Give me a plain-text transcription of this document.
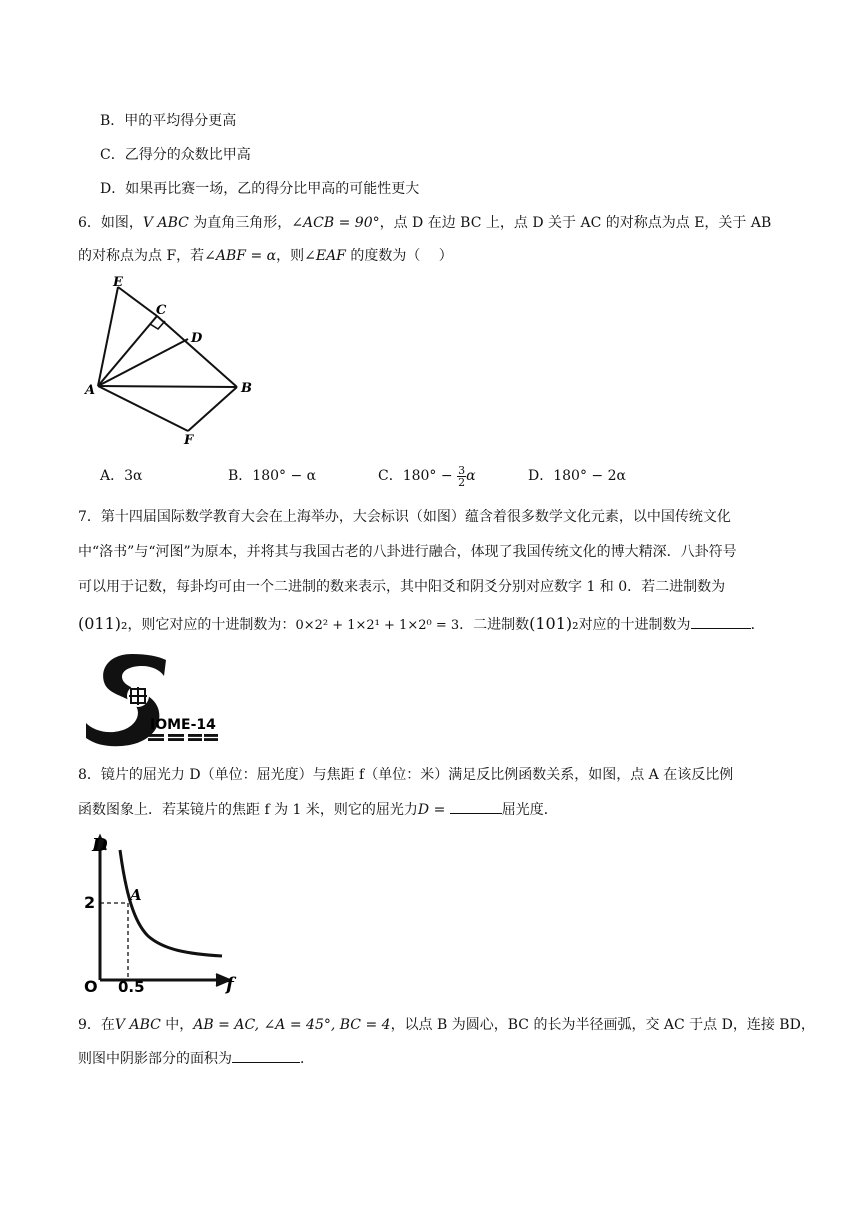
B．甲的平均得分更高
C．乙得分的众数比甲高
D．如果再比赛一场，乙的得分比甲高的可能性更大
6．如图，V ABC 为直角三角形，∠ACB = 90°，点 D 在边 BC 上，点 D 关于 AC 的对称点为点 E，关于 AB
的对称点为点 F，若∠ABF = α，则∠EAF 的度数为（　 ）
E
C
D
A	B
F
A．3α	B．180° − α	C．$180^\circ - \frac{3}{2}$ α	D．180° − 2α
7．第十四届国际数学教育大会在上海举办，大会标识（如图）蕴含着很多数学文化元素，以中国传统文化
中“洛书”与“河图”为原本，并将其与我国古老的八卦进行融合，体现了我国传统文化的博大精深．八卦符号
可以用于记数，每卦均可由一个二进制的数来表示，其中阳爻和阴爻分别对应数字 1 和 0．若二进制数为
(011)₂，则它对应的十进制数为：0×2² + 1×2¹ + 1×2⁰ = 3．二进制数(101)₂对应的十进制数为	．
IOME-14
8．镜片的屈光力 D（单位：屈光度）与焦距 f（单位：米）满足反比例函数关系，如图，点 A 在该反比例
函数图象上．若某镜片的焦距 f 为 1 米，则它的屈光力D =	屈光度．
D
f
O
2
0.5
A
9．在V ABC 中，AB = AC, ∠A = 45°, BC = 4，以点 B 为圆心，BC 的长为半径画弧，交 AC 于点 D，连接 BD，
则图中阴影部分的面积为	．
